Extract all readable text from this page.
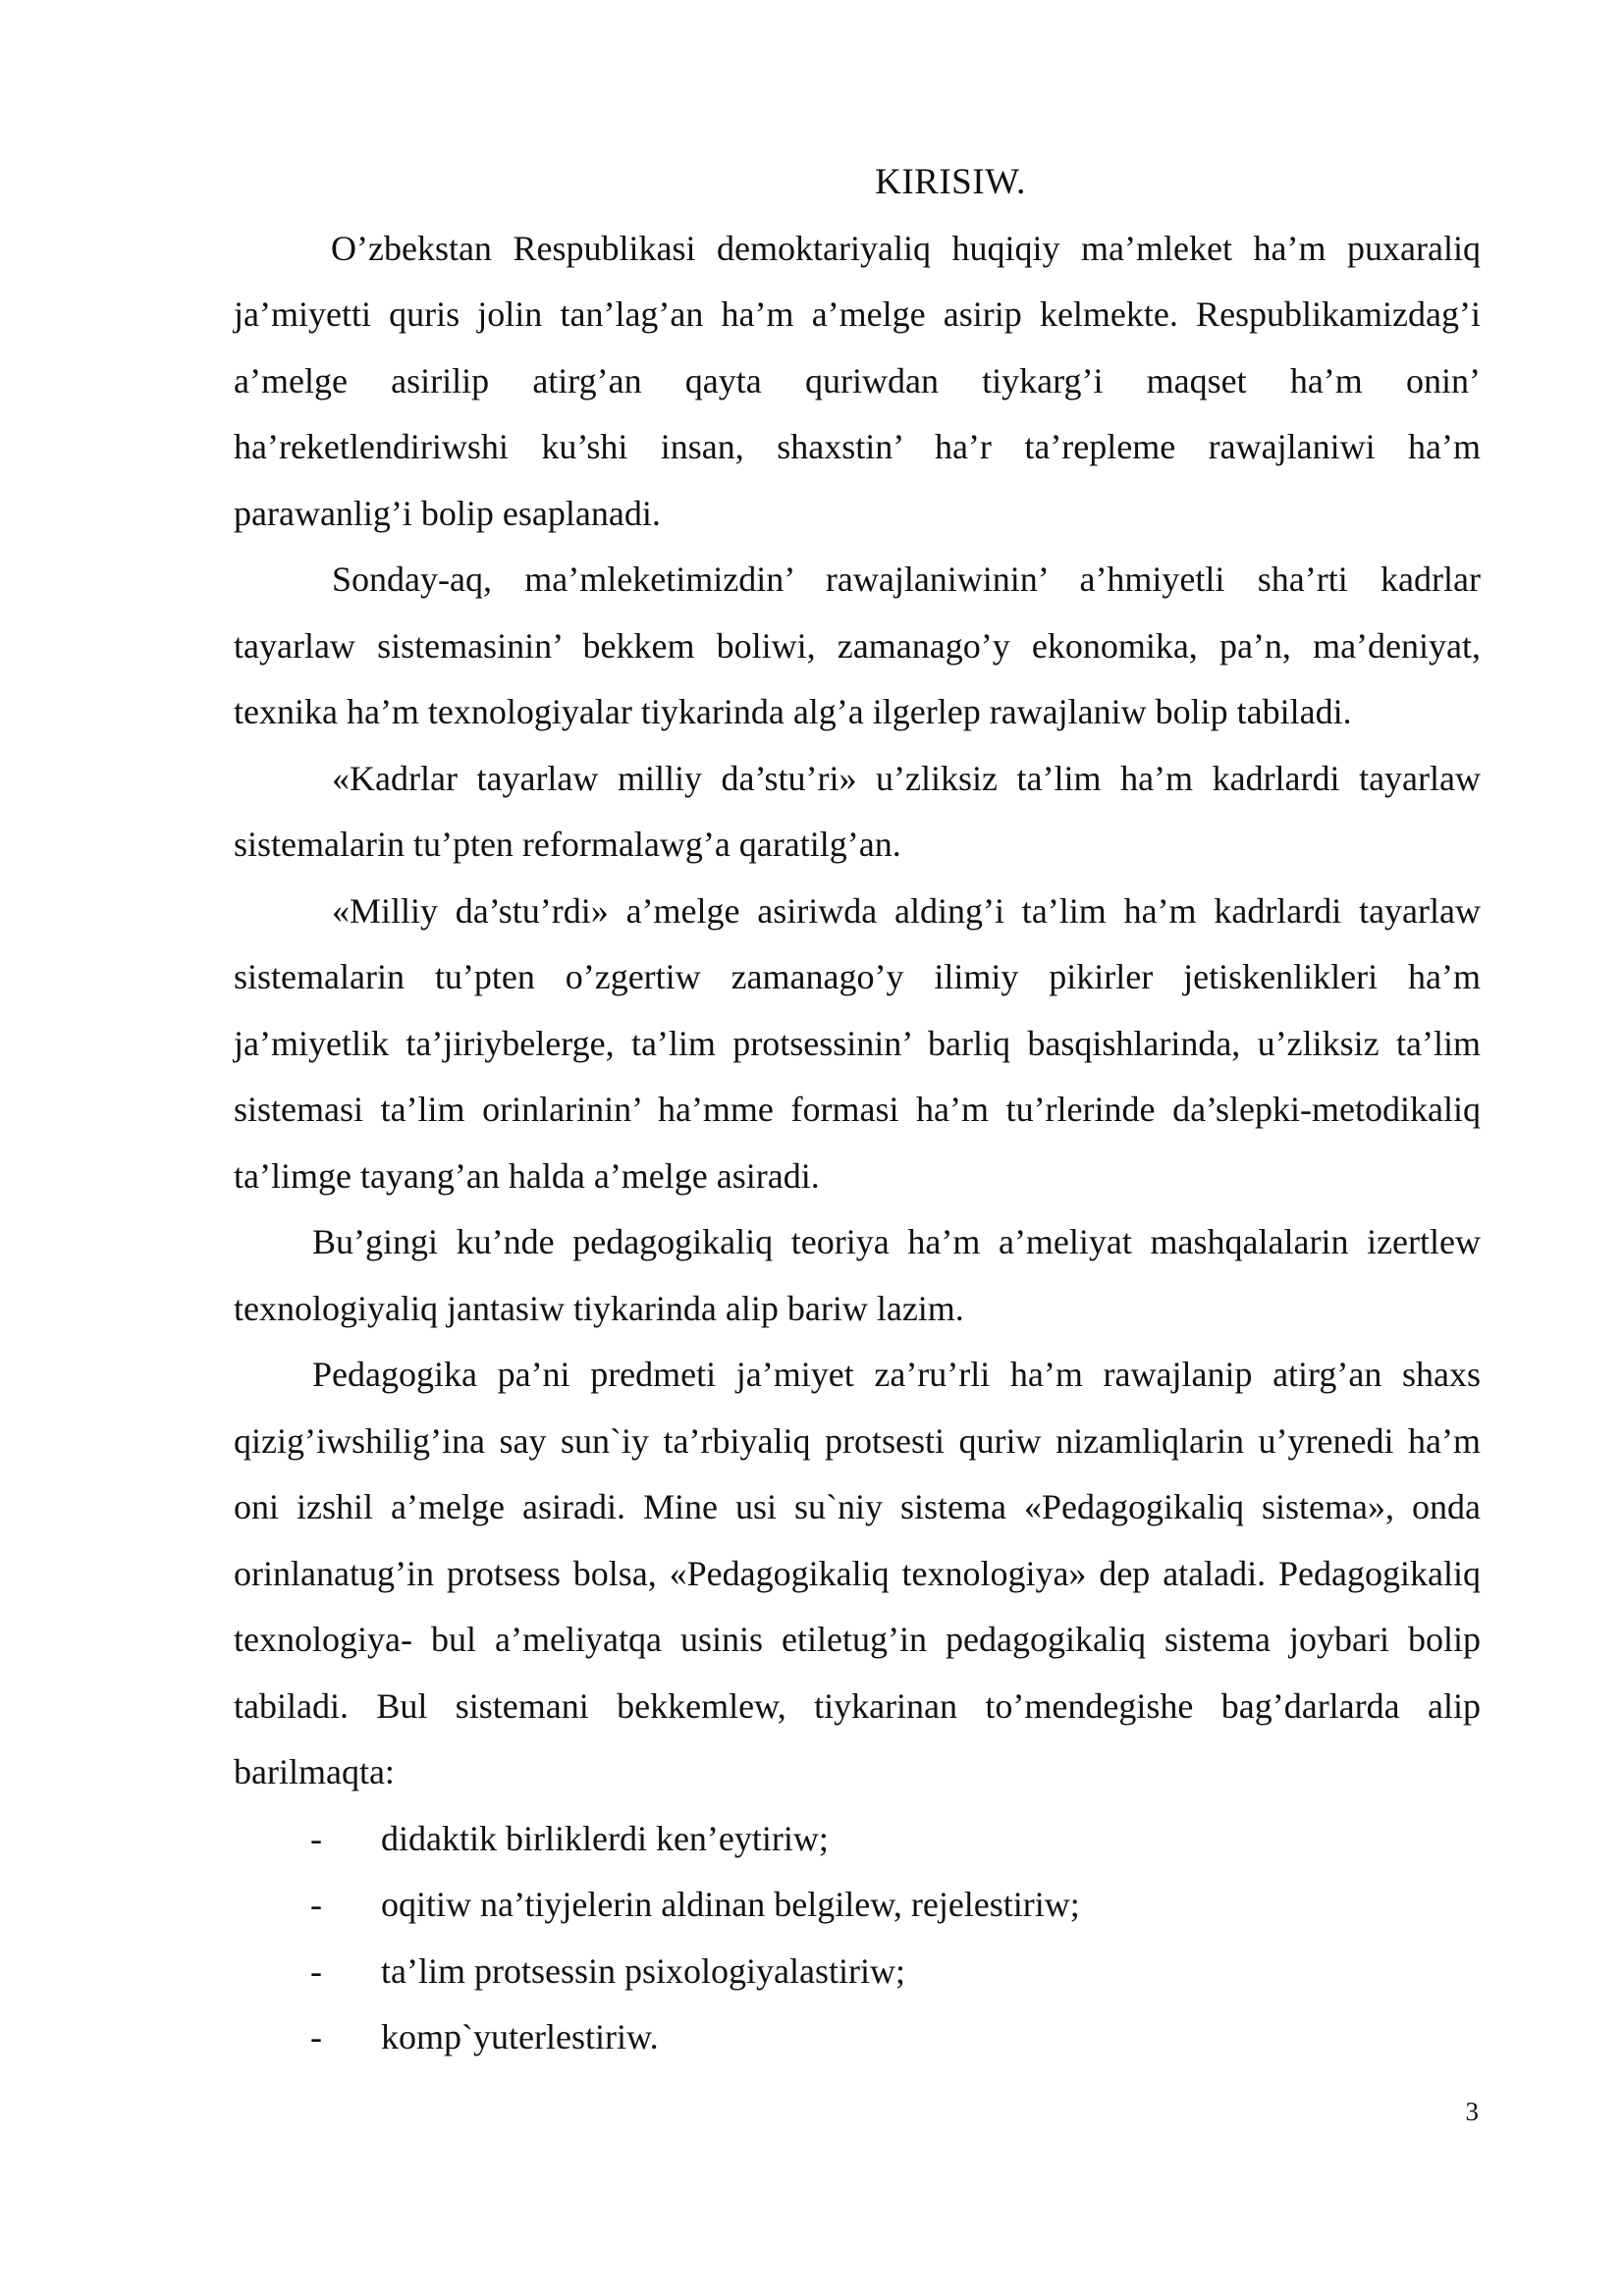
KIRISIW.

O’zbekstan Respublikasi demoktariyaliq huqiqiy ma’mleket ha’m puxaraliq ja’miyetti quris jolin tan’lag’an ha’m a’melge asirip kelmekte. Respublikamizdag’i a’melge asirilip atirg’an qayta quriwdan tiykarg’i maqset ha’m onin’ ha’reketlendiriwshi ku’shi insan, shaxstin’ ha’r ta’repleme rawajlaniwi ha’m parawanlig’i bolip esaplanadi.

Sonday-aq, ma’mleketimizdin’ rawajlaniwinin’ a’hmiyetli sha’rti kadrlar tayarlaw sistemasinin’ bekkem boliwi, zamanago’y ekonomika, pa’n, ma’deniyat, texnika ha’m texnologiyalar tiykarinda alg’a ilgerlep rawajlaniw bolip tabiladi.

«Kadrlar tayarlaw milliy da’stu’ri» u’zliksiz ta’lim ha’m kadrlardi tayarlaw sistemalarin tu’pten reformalawg’a qaratilg’an.

«Milliy da’stu’rdi» a’melge asiriwda alding’i ta’lim ha’m kadrlardi tayarlaw sistemalarin tu’pten o’zgertiw zamanago’y ilimiy pikirler jetiskenlikleri ha’m ja’miyetlik ta’jiriybelerge, ta’lim protsessinin’ barliq basqishlarinda, u’zliksiz ta’lim sistemasi ta’lim orinlarinin’ ha’mme formasi ha’m tu’rlerinde da’slepki-metodikaliq ta’limge tayang’an halda a’melge asiradi.

Bu’gingi ku’nde pedagogikaliq teoriya ha’m a’meliyat mashqalalarin izertlew texnologiyaliq jantasiw tiykarinda alip bariw lazim.

Pedagogika pa’ni predmeti ja’miyet za’ru’rli ha’m rawajlanip atirg’an shaxs qizig’iwshilig’ina say sun`iy ta’rbiyaliq protsesti quriw nizamliqlarin u’yrenedi ha’m oni izshil a’melge asiradi. Mine usi su`niy sistema «Pedagogikaliq sistema», onda orinlanatug’in protsess bolsa, «Pedagogikaliq texnologiya» dep ataladi. Pedagogikaliq texnologiya- bul a’meliyatqa usinis etiletug’in pedagogikaliq sistema joybari bolip tabiladi. Bul sistemani bekkemlew, tiykarinan to’mendegishe bag’darlarda alip barilmaqta:

- didaktik birliklerdi ken’eytiriw;
- oqitiw na’tiyjelerin aldinan belgilew, rejelestiriw;
- ta’lim protsessin psixologiyalastiriw;
- komp`yuterlestiriw.
3
